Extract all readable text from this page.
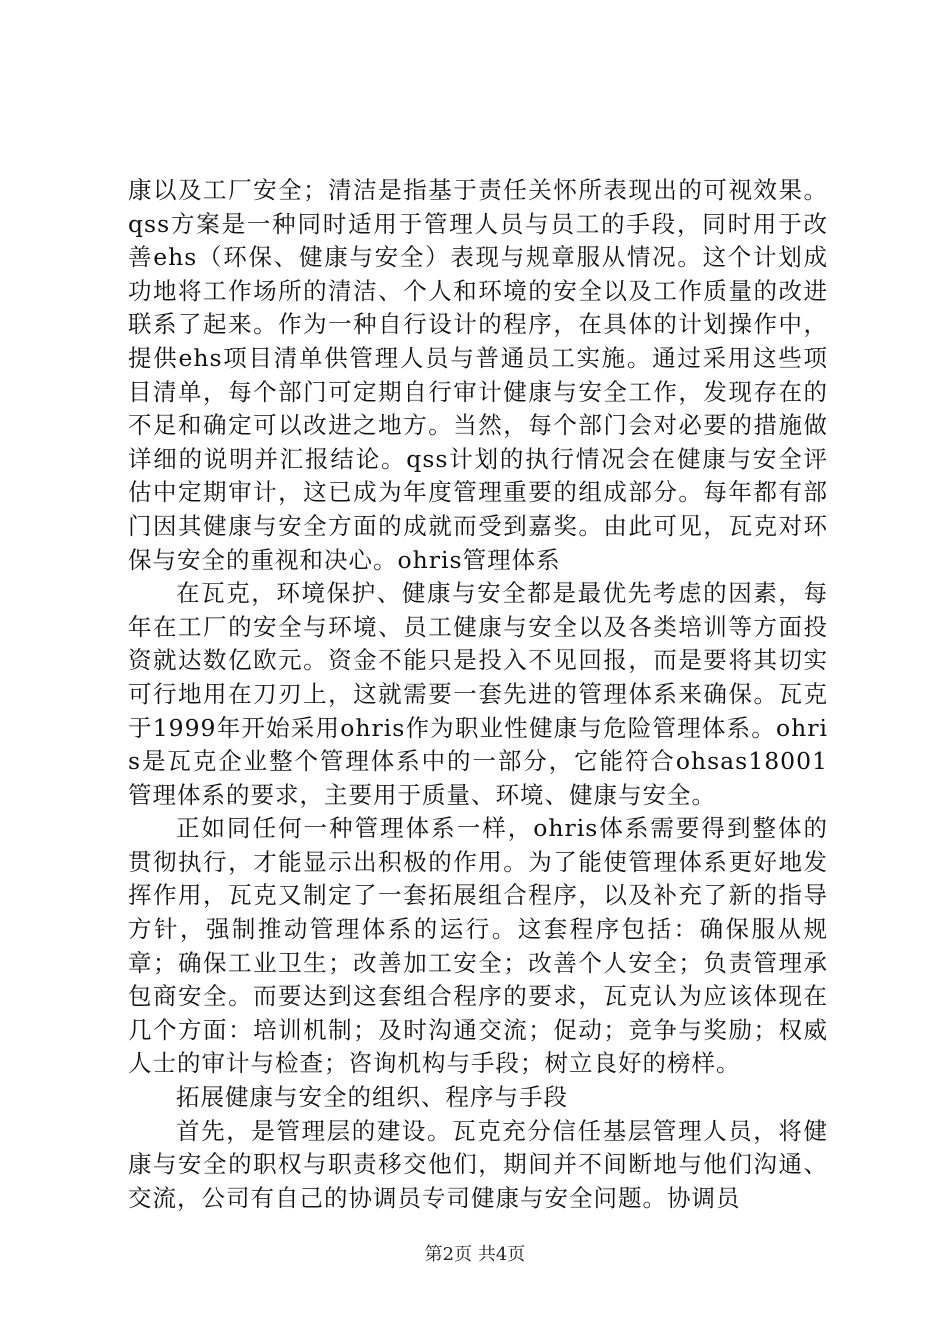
康以及工厂安全；清洁是指基于责任关怀所表现出的可视效果。qss方案是一种同时适用于管理人员与员工的手段，同时用于改善ehs（环保、健康与安全）表现与规章服从情况。这个计划成功地将工作场所的清洁、个人和环境的安全以及工作质量的改进联系了起来。作为一种自行设计的程序，在具体的计划操作中，提供ehs项目清单供管理人员与普通员工实施。通过采用这些项目清单，每个部门可定期自行审计健康与安全工作，发现存在的不足和确定可以改进之地方。当然，每个部门会对必要的措施做详细的说明并汇报结论。qss计划的执行情况会在健康与安全评估中定期审计，这已成为年度管理重要的组成部分。每年都有部门因其健康与安全方面的成就而受到嘉奖。由此可见，瓦克对环保与安全的重视和决心。ohris管理体系

在瓦克，环境保护、健康与安全都是最优先考虑的因素，每年在工厂的安全与环境、员工健康与安全以及各类培训等方面投资就达数亿欧元。资金不能只是投入不见回报，而是要将其切实可行地用在刀刃上，这就需要一套先进的管理体系来确保。瓦克于1999年开始采用ohris作为职业性健康与危险管理体系。ohris是瓦克企业整个管理体系中的一部分，它能符合ohsas18001管理体系的要求，主要用于质量、环境、健康与安全。

正如同任何一种管理体系一样，ohris体系需要得到整体的贯彻执行，才能显示出积极的作用。为了能使管理体系更好地发挥作用，瓦克又制定了一套拓展组合程序，以及补充了新的指导方针，强制推动管理体系的运行。这套程序包括：确保服从规章；确保工业卫生；改善加工安全；改善个人安全；负责管理承包商安全。而要达到这套组合程序的要求，瓦克认为应该体现在几个方面：培训机制；及时沟通交流；促动；竞争与奖励；权威人士的审计与检查；咨询机构与手段；树立良好的榜样。

拓展健康与安全的组织、程序与手段

首先，是管理层的建设。瓦克充分信任基层管理人员，将健康与安全的职权与职责移交他们，期间并不间断地与他们沟通、交流，公司有自己的协调员专司健康与安全问题。协调员

第2页 共4页
